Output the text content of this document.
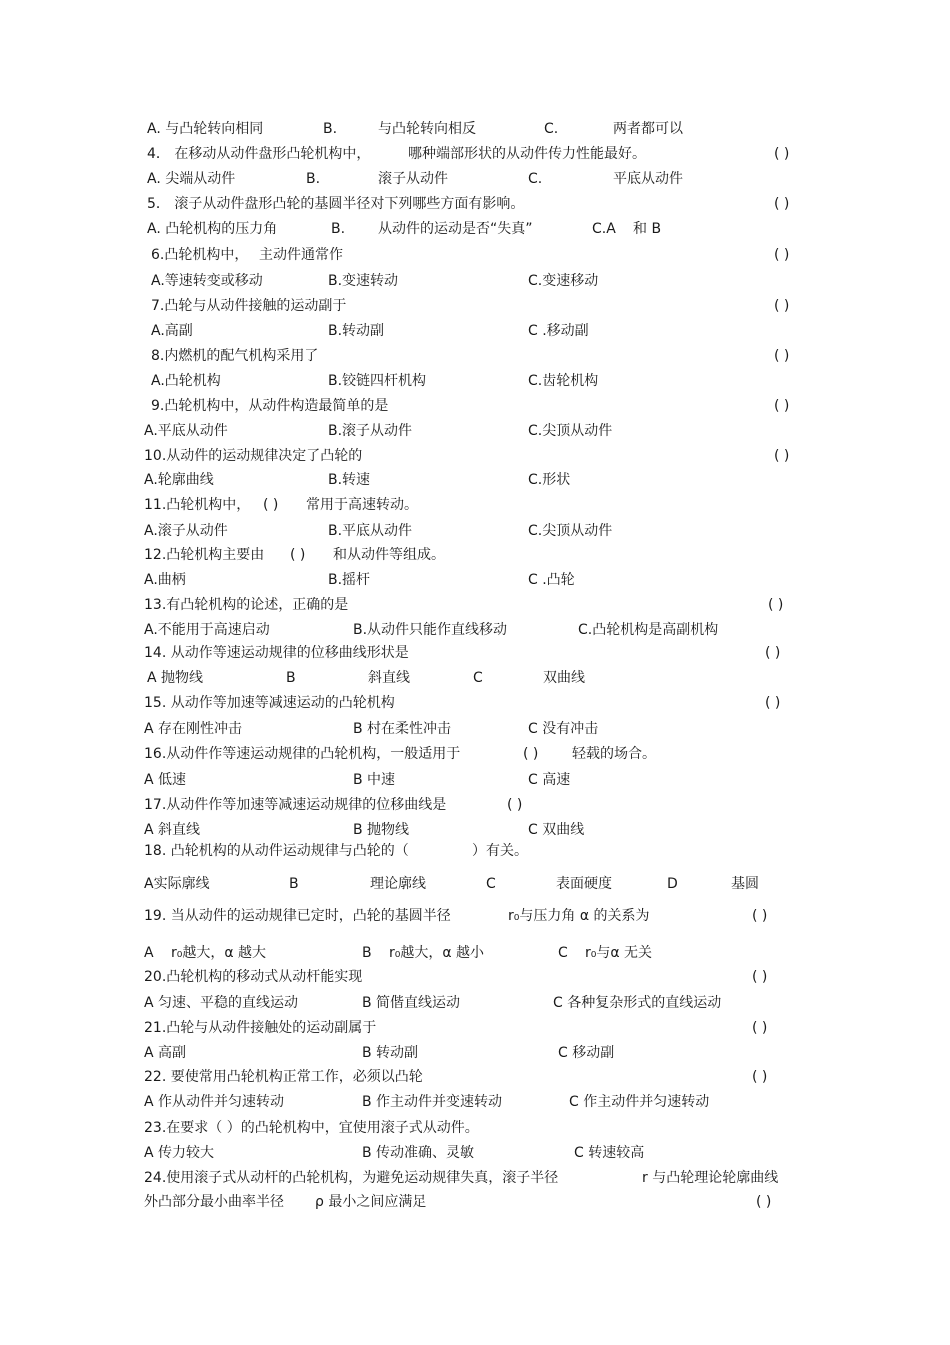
A. 与凸轮转向相同	B.	与凸轮转向相反	C.	两者都可以
4． 在移动从动件盘形凸轮机构中，	哪种端部形状的从动件传力性能最好。	( )
A. 尖端从动件	B.	滚子从动件	C.	平底从动件
5． 滚子从动件盘形凸轮的基圆半径对下列哪些方面有影响。	( )
A. 凸轮机构的压力角	B. 从动件的运动是否“失真”	C.A 和 B
6.凸轮机构中， 主动件通常作	( )
A.等速转变或移动	B.变速转动	C.变速移动
7.凸轮与从动件接触的运动副于	( )
A.高副	B.转动副	C .移动副
8.内燃机的配气机构采用了	( )
A.凸轮机构	B.铰链四杆机构	C.齿轮机构
9.凸轮机构中，从动件构造最简单的是	( )
A.平底从动件	B.滚子从动件	C.尖顶从动件
10.从动件的运动规律决定了凸轮的	( )
A.轮廓曲线	B.转速	C.形状
11.凸轮机构中， ( ) 常用于高速转动。
A.滚子从动件	B.平底从动件	C.尖顶从动件
12.凸轮机构主要由 ( ) 和从动件等组成。
A.曲柄	B.摇杆	C .凸轮
13.有凸轮机构的论述，正确的是	( )
A.不能用于高速启动	B.从动件只能作直线移动	C.凸轮机构是高副机构
14. 从动作等速运动规律的位移曲线形状是	( )
A 抛物线	B	斜直线	C	双曲线
15. 从动作等加速等减速运动的凸轮机构	( )
A 存在刚性冲击	B 村在柔性冲击	C 没有冲击
16.从动件作等速运动规律的凸轮机构，一般适用于	( ) 轻载的场合。
A 低速	B 中速	C 高速
17.从动件作等加速等减速运动规律的位移曲线是	( )
A 斜直线	B 抛物线	C 双曲线
18. 凸轮机构的从动件运动规律与凸轮的（	）有关。
A实际廓线	B	理论廓线	C	表面硬度	D	基圆
19. 当从动件的运动规律已定时，凸轮的基圆半径	r₀与压力角 α 的关系为	( )
A r₀越大，α 越大	B r₀越大，α 越小	C r₀与α 无关
20.凸轮机构的移动式从动杆能实现	( )
A 匀速、平稳的直线运动	B 简偕直线运动	C 各种复杂形式的直线运动
21.凸轮与从动件接触处的运动副属于	( )
A 高副	B 转动副	C 移动副
22. 要使常用凸轮机构正常工作，必须以凸轮	( )
A 作从动件并匀速转动	B 作主动件并变速转动	C 作主动件并匀速转动
23.在要求（ ）的凸轮机构中，宜使用滚子式从动件。
A 传力较大	B 传动准确、灵敏	C 转速较高
24.使用滚子式从动杆的凸轮机构，为避免运动规律失真，滚子半径	r 与凸轮理论轮廓曲线
外凸部分最小曲率半径 ρ 最小之间应满足	( )
